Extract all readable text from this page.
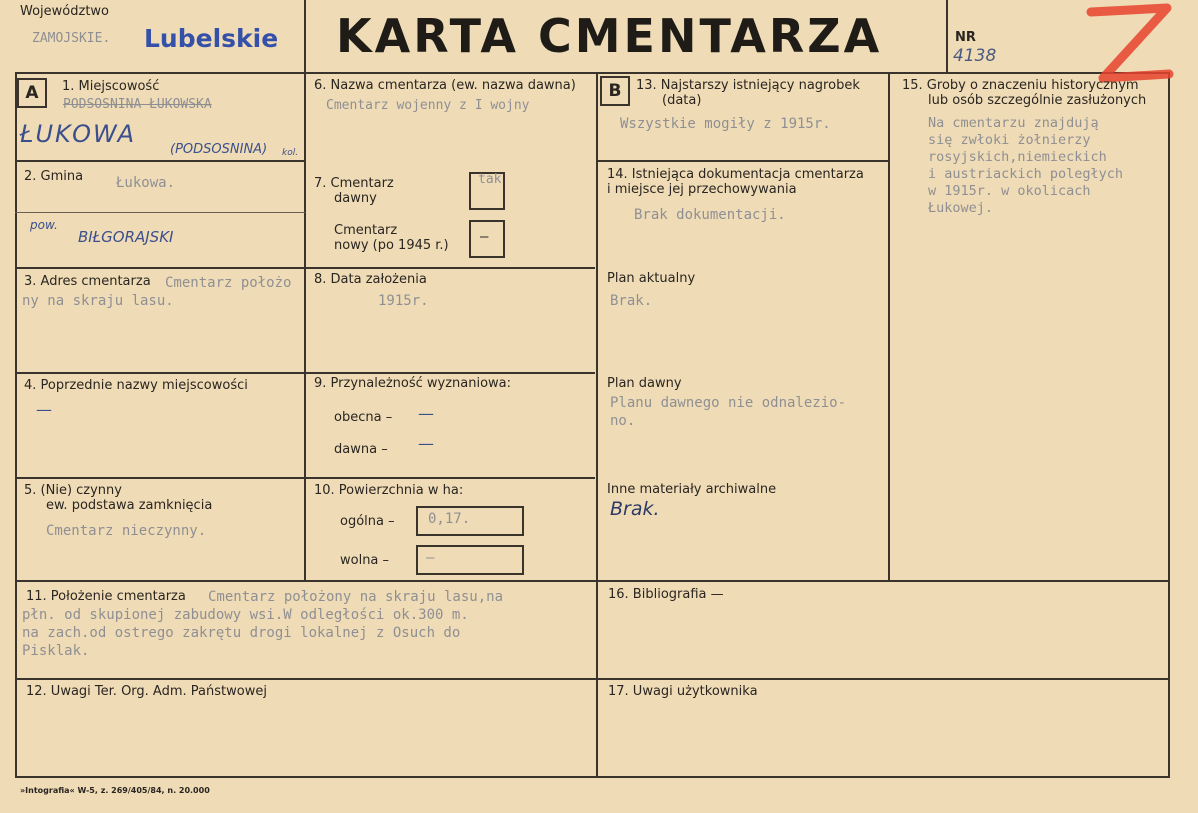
Województwo
ZAMOJSKIE. Lubelskie KARTA CMENTARZA	NR
4138
A	1. Miejscowość
PODSOSNINA ŁUKOWSKA
ŁUKOWA
(PODSOSNINA) kol.
2. Gmina Łukowa.
pow.
BIŁGORAJSKI
3. Adres cmentarza Cmentarz położo
ny na skraju lasu.
4. Poprzednie nazwy miejscowości
—
5. (Nie) czynny
ew. podstawa zamknięcia
Cmentarz nieczynny.
6. Nazwa cmentarza (ew. nazwa dawna)
Cmentarz wojenny z I wojny
7. Cmentarz
dawny
tak
Cmentarz
nowy (po 1945 r.)
—
8. Data założenia
1915r.
9. Przynależność wyznaniowa:
obecna – —
dawna – —
10. Powierzchnia w ha:
ogólna – 0,17.
wolna –	—
11. Położenie cmentarza Cmentarz położony na skraju lasu,na
płn. od skupionej zabudowy wsi.W odległości ok.300 m.
na zach.od ostrego zakrętu drogi lokalnej z Osuch do
Pisklak.
12. Uwagi Ter. Org. Adm. Państwowej
B	13. Najstarszy istniejący nagrobek
(data)
Wszystkie mogiły z 1915r.
14. Istniejąca dokumentacja cmentarza
i miejsce jej przechowywania
Brak dokumentacji.
Plan aktualny
Brak.
Plan dawny
Planu dawnego nie odnalezio-
no.
Inne materiały archiwalne
Brak.
15. Groby o znaczeniu historycznym
lub osób szczególnie zasłużonych
Na cmentarzu znajdują
się zwłoki żołnierzy
rosyjskich,niemieckich
i austriackich poległych
w 1915r. w okolicach
Łukowej.
16. Bibliografia —
17. Uwagi użytkownika
»Intografia« W-5, z. 269/405/84, n. 20.000
